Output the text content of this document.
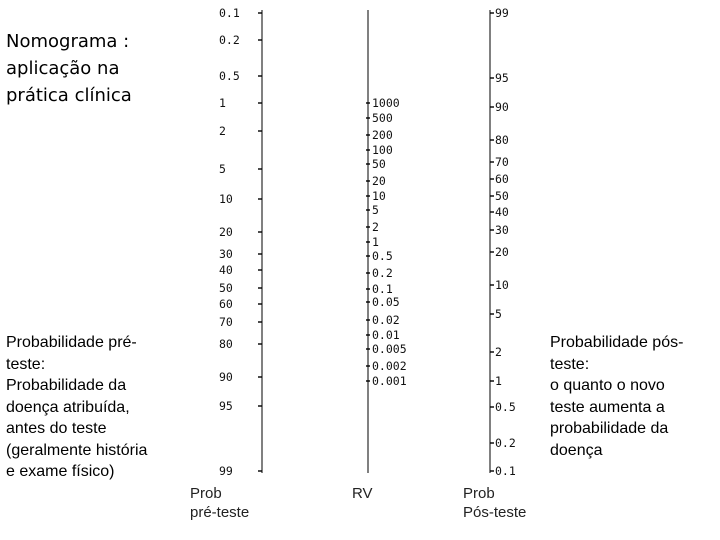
Nomograma :
aplicação na
prática clínica
Probabilidade pré-
teste:
Probabilidade da
doença atribuída,
antes do teste
(geralmente história
e exame físico)
Probabilidade pós-
teste:
o quanto o novo
teste aumenta a
probabilidade da
doença
0.1
0.2
0.5
1
2
5
10
20
30
40
50
60
70
80
90
95
99
1000
500
200
100
50
20
10
5
2
1
0.5
0.2
0.1
0.05
0.02
0.01
0.005
0.002
0.001
99
95
90
80
70
60
50
40
30
20
10
5
2
1
0.5
0.2
0.1
Prob
pré-teste
RV	Prob
Pós-teste
